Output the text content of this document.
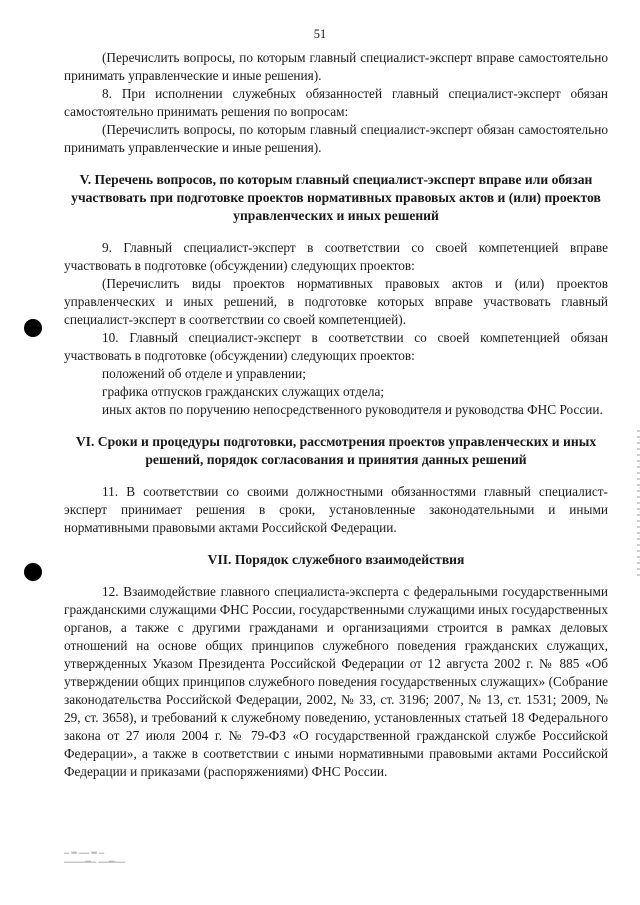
51

(Перечислить вопросы, по которым главный специалист-эксперт вправе самостоятельно принимать управленческие и иные решения).

8. При исполнении служебных обязанностей главный специалист-эксперт обязан самостоятельно принимать решения по вопросам:

(Перечислить вопросы, по которым главный специалист-эксперт обязан самостоятельно принимать управленческие и иные решения).

V. Перечень вопросов, по которым главный специалист-эксперт вправе или обязан участвовать при подготовке проектов нормативных правовых актов и (или) проектов управленческих и иных решений

9. Главный специалист-эксперт в соответствии со своей компетенцией вправе участвовать в подготовке (обсуждении) следующих проектов:

(Перечислить виды проектов нормативных правовых актов и (или) проектов управленческих и иных решений, в подготовке которых вправе участвовать главный специалист-эксперт в соответствии со своей компетенцией).

10. Главный специалист-эксперт в соответствии со своей компетенцией обязан участвовать в подготовке (обсуждении) следующих проектов:

положений об отделе и управлении;

графика отпусков гражданских служащих отдела;

иных актов по поручению непосредственного руководителя и руководства ФНС России.

VI. Сроки и процедуры подготовки, рассмотрения проектов управленческих и иных решений, порядок согласования и принятия данных решений

11. В соответствии со своими должностными обязанностями главный специалист-эксперт принимает решения в сроки, установленные законодательными и иными нормативными правовыми актами Российской Федерации.

VII. Порядок служебного взаимодействия

12. Взаимодействие главного специалиста-эксперта с федеральными государственными гражданскими служащими ФНС России, государственными служащими иных государственных органов, а также с другими гражданами и организациями строится в рамках деловых отношений на основе общих принципов служебного поведения гражданских служащих, утвержденных Указом Президента Российской Федерации от 12 августа 2002 г. № 885 «Об утверждении общих принципов служебного поведения государственных служащих» (Собрание законодательства Российской Федерации, 2002, № 33, ст. 3196; 2007, № 13, ст. 1531; 2009, № 29, ст. 3658), и требований к служебному поведению, установленных статьей 18 Федерального закона от 27 июля 2004 г. № 79-ФЗ «О государственной гражданской службе Российской Федерации», а также в соответствии с иными нормативными правовыми актами Российской Федерации и приказами (распоряжениями) ФНС России.

▁ ▂ ▁▁ ▂ ▁
▁▁▁▁▂▁ ▁▁▂▁▁
